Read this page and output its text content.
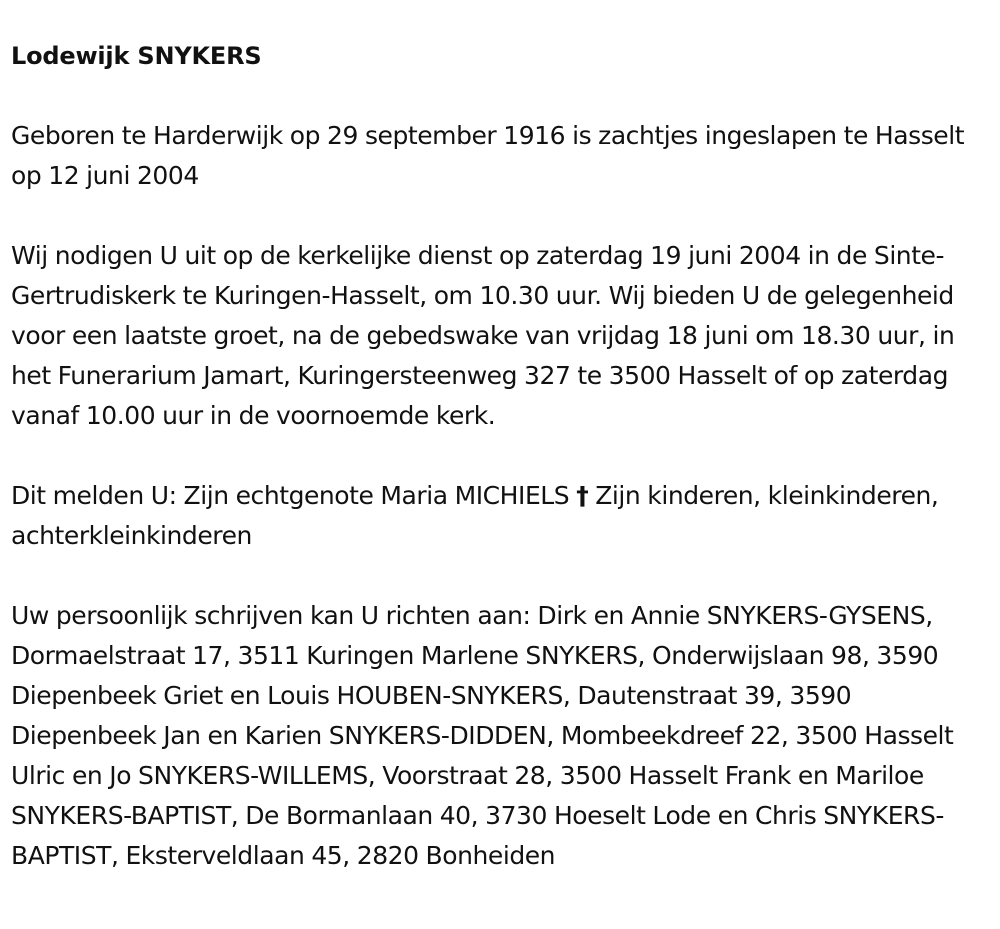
Lodewijk SNYKERS

Geboren te Harderwijk op 29 september 1916 is zachtjes ingeslapen te Hasselt op 12 juni 2004

Wij nodigen U uit op de kerkelijke dienst op zaterdag 19 juni 2004 in de Sinte-Gertrudiskerk te Kuringen-Hasselt, om 10.30 uur. Wij bieden U de gelegenheid voor een laatste groet, na de gebedswake van vrijdag 18 juni om 18.30 uur, in het Funerarium Jamart, Kuringersteenweg 327 te 3500 Hasselt of op zaterdag vanaf 10.00 uur in de voornoemde kerk.

Dit melden U: Zijn echtgenote Maria MICHIELS † Zijn kinderen, kleinkinderen, achterkleinkinderen

Uw persoonlijk schrijven kan U richten aan: Dirk en Annie SNYKERS-GYSENS, Dormaelstraat 17, 3511 Kuringen Marlene SNYKERS, Onderwijslaan 98, 3590 Diepenbeek Griet en Louis HOUBEN-SNYKERS, Dautenstraat 39, 3590 Diepenbeek Jan en Karien SNYKERS-DIDDEN, Mombeekdreef 22, 3500 Hasselt Ulric en Jo SNYKERS-WILLEMS, Voorstraat 28, 3500 Hasselt Frank en Mariloe SNYKERS-BAPTIST, De Bormanlaan 40, 3730 Hoeselt Lode en Chris SNYKERS-BAPTIST, Eksterveldlaan 45, 2820 Bonheiden
